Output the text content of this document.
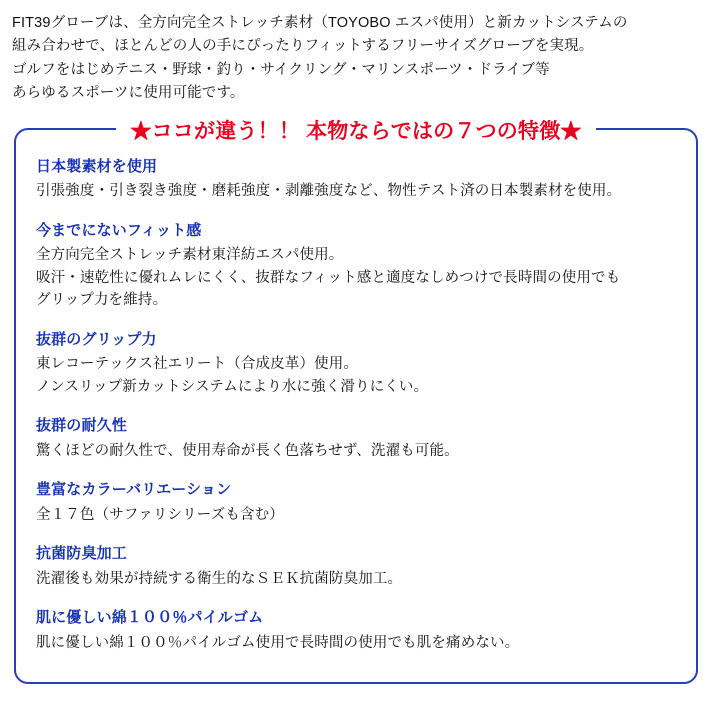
FIT39グローブは、全方向完全ストレッチ素材（TOYOBO エスパ使用）と新カットシステムの

組み合わせで、ほとんどの人の手にぴったりフィットするフリーサイズグローブを実現。

ゴルフをはじめテニス・野球・釣り・サイクリング・マリンスポーツ・ドライブ等

あらゆるスポーツに使用可能です。

★ココが違う！！ 本物ならではの７つの特徴★
日本製素材を使用
引張強度・引き裂き強度・磨耗強度・剥離強度など、物性テスト済の日本製素材を使用。
今までにないフィット感
全方向完全ストレッチ素材東洋紡エスパ使用。
吸汗・速乾性に優れムレにくく、抜群なフィット感と適度なしめつけで長時間の使用でも
グリップ力を維持。
抜群のグリップ力
東レコーテックス社エリート（合成皮革）使用。
ノンスリップ新カットシステムにより水に強く滑りにくい。
抜群の耐久性
驚くほどの耐久性で、使用寿命が長く色落ちせず、洗濯も可能。
豊富なカラーバリエーション
全１７色（サファリシリーズも含む）
抗菌防臭加工
洗濯後も効果が持続する衛生的なＳＥＫ抗菌防臭加工。
肌に優しい綿１００％パイルゴム
肌に優しい綿１００％パイルゴム使用で長時間の使用でも肌を痛めない。
